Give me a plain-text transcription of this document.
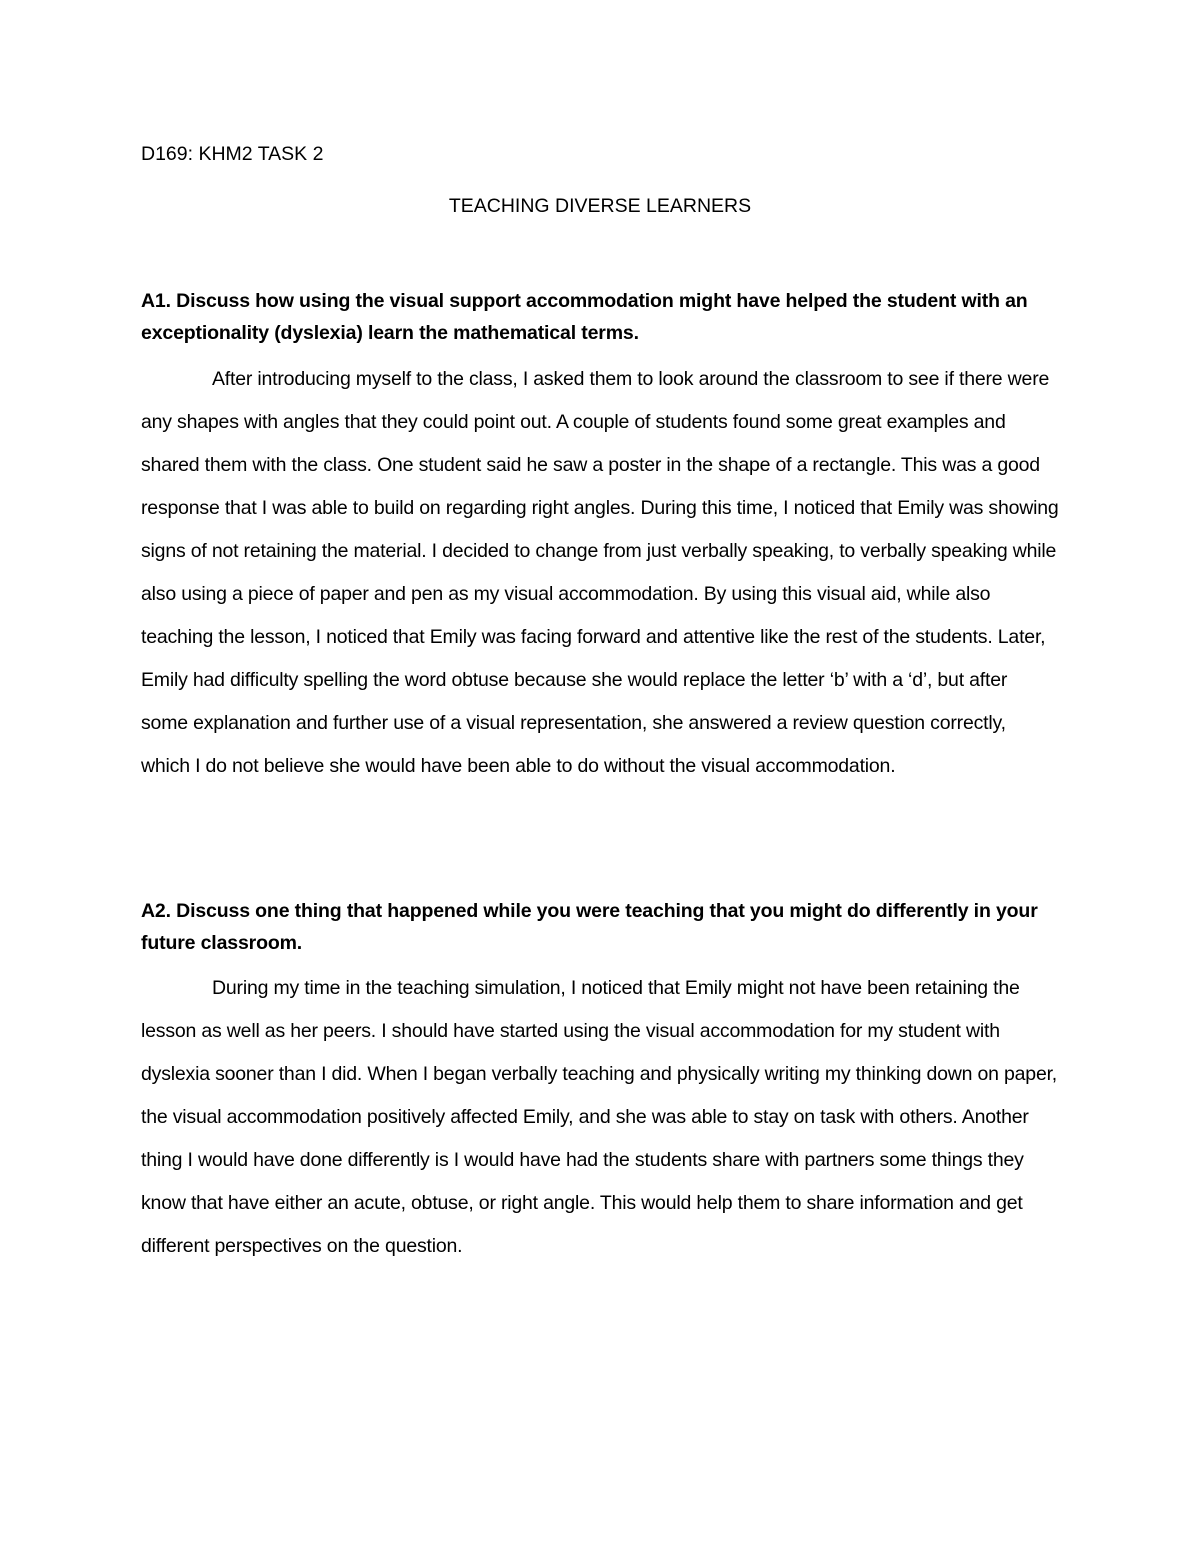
D169: KHM2 TASK 2
TEACHING DIVERSE LEARNERS
A1. Discuss how using the visual support accommodation might have helped the student with an exceptionality (dyslexia) learn the mathematical terms.

After introducing myself to the class, I asked them to look around the classroom to see if there were any shapes with angles that they could point out. A couple of students found some great examples and shared them with the class. One student said he saw a poster in the shape of a rectangle. This was a good response that I was able to build on regarding right angles. During this time, I noticed that Emily was showing signs of not retaining the material. I decided to change from just verbally speaking, to verbally speaking while also using a piece of paper and pen as my visual accommodation. By using this visual aid, while also teaching the lesson, I noticed that Emily was facing forward and attentive like the rest of the students. Later, Emily had difficulty spelling the word obtuse because she would replace the letter ‘b’ with a ‘d’, but after some explanation and further use of a visual representation, she answered a review question correctly, which I do not believe she would have been able to do without the visual accommodation.

A2. Discuss one thing that happened while you were teaching that you might do differently in your future classroom.

During my time in the teaching simulation, I noticed that Emily might not have been retaining the lesson as well as her peers. I should have started using the visual accommodation for my student with dyslexia sooner than I did. When I began verbally teaching and physically writing my thinking down on paper, the visual accommodation positively affected Emily, and she was able to stay on task with others. Another thing I would have done differently is I would have had the students share with partners some things they know that have either an acute, obtuse, or right angle. This would help them to share information and get different perspectives on the question.
